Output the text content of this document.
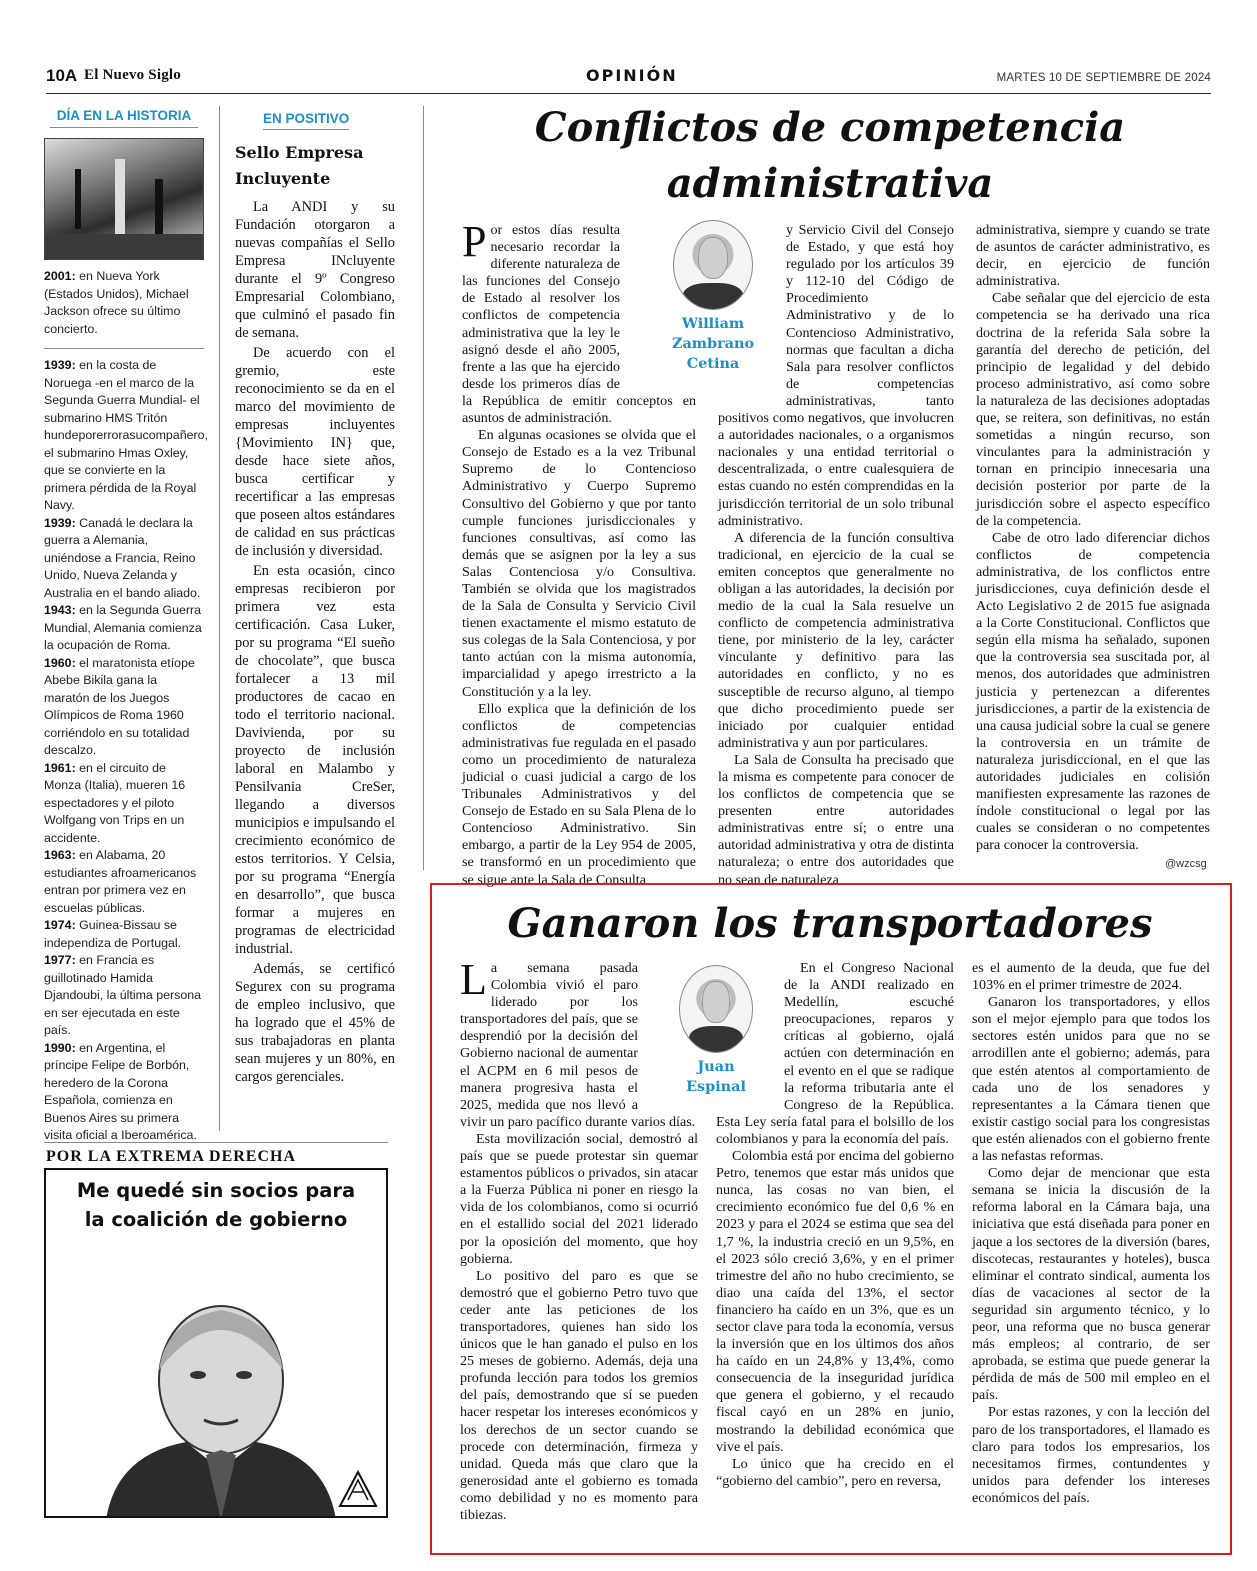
10A El Nuevo Siglo	OPINIÓN	MARTES 10 DE SEPTIEMBRE DE 2024
DÍA EN LA HISTORIA
2001: en Nueva York (Estados Unidos), Michael Jackson ofrece su último concierto.
1939: en la costa de Noruega -en el marco de la Segunda Guerra Mundial- el submarino HMS Tritón hundeporerrorasucompañero, el submarino Hmas Oxley, que se convierte en la primera pérdida de la Royal Navy.
1939: Canadá le declara la guerra a Alemania, uniéndose a Francia, Reino Unido, Nueva Zelanda y Australia en el bando aliado.
1943: en la Segunda Guerra Mundial, Alemania comienza la ocupación de Roma.
1960: el maratonista etíope Abebe Bikila gana la maratón de los Juegos Olímpicos de Roma 1960 corriéndolo en su totalidad descalzo.
1961: en el circuito de Monza (Italia), mueren 16 espectadores y el piloto Wolfgang von Trips en un accidente.
1963: en Alabama, 20 estudiantes afroamericanos entran por primera vez en escuelas públicas.
1974: Guinea-Bissau se independiza de Portugal.
1977: en Francia es guillotinado Hamida Djandoubi, la última persona en ser ejecutada en este país.
1990: en Argentina, el príncipe Felipe de Borbón, heredero de la Corona Española, comienza en Buenos Aires su primera visita oficial a Iberoamérica.
EN POSITIVO
Sello Empresa Incluyente

La ANDI y su Fundación otorgaron a nuevas compañías el Sello Empresa INcluyente durante el 9º Congreso Empresarial Colombiano, que culminó el pasado fin de semana.

De acuerdo con el gremio, este reconocimiento se da en el marco del movimiento de empresas incluyentes {Movimiento IN} que, desde hace siete años, busca certificar y recertificar a las empresas que poseen altos estándares de calidad en sus prácticas de inclusión y diversidad.

En esta ocasión, cinco empresas recibieron por primera vez esta certificación. Casa Luker, por su programa “El sueño de chocolate”, que busca fortalecer a 13 mil productores de cacao en todo el territorio nacional. Davivienda, por su proyecto de inclusión laboral en Malambo y Pensilvania CreSer, llegando a diversos municipios e impulsando el crecimiento económico de estos territorios. Y Celsia, por su programa “Energía en desarrollo”, que busca formar a mujeres en programas de electricidad industrial.

Además, se certificó Segurex con su programa de empleo inclusivo, que ha logrado que el 45% de sus trabajadoras en planta sean mujeres y un 80%, en cargos gerenciales.

POR LA EXTREMA DERECHA
Me quedé sin socios para
la coalición de gobierno
Conflictos de competencia
administrativa
William
Zambrano
Cetina

Por estos días resulta necesario recordar la diferente naturaleza de las funciones del Consejo de Estado al resolver los conflictos de competencia administrativa que la ley le asignó desde el año 2005, frente a las que ha ejercido desde los primeros días de la República de emitir conceptos en asuntos de administración.

En algunas ocasiones se olvida que el Consejo de Estado es a la vez Tribunal Supremo de lo Contencioso Administrativo y Cuerpo Supremo Consultivo del Gobierno y que por tanto cumple funciones jurisdiccionales y funciones consultivas, así como las demás que se asignen por la ley a sus Salas Contenciosa y/o Consultiva. También se olvida que los magistrados de la Sala de Consulta y Servicio Civil tienen exactamente el mismo estatuto de sus colegas de la Sala Contenciosa, y por tanto actúan con la misma autonomía, imparcialidad y apego irrestricto a la Constitución y a la ley.

Ello explica que la definición de los conflictos de competencias administrativas fue regulada en el pasado como un procedimiento de naturaleza judicial o cuasi judicial a cargo de los Tribunales Administrativos y del Consejo de Estado en su Sala Plena de lo Contencioso Administrativo. Sin embargo, a partir de la Ley 954 de 2005, se transformó en un procedimiento que se sigue ante la Sala de Consulta

y Servicio Civil del Consejo de Estado, y que está hoy regulado por los artículos 39 y 112-10 del Código de Procedimiento Administrativo y de lo Contencioso Administrativo, normas que facultan a dicha Sala para resolver conflictos de competencias administrativas, tanto positivos como negativos, que involucren a autoridades nacionales, o a organismos nacionales y una entidad territorial o descentralizada, o entre cualesquiera de estas cuando no estén comprendidas en la jurisdicción territorial de un solo tribunal administrativo.

A diferencia de la función consultiva tradicional, en ejercicio de la cual se emiten conceptos que generalmente no obligan a las autoridades, la decisión por medio de la cual la Sala resuelve un conflicto de competencia administrativa tiene, por ministerio de la ley, carácter vinculante y definitivo para las autoridades en conflicto, y no es susceptible de recurso alguno, al tiempo que dicho procedimiento puede ser iniciado por cualquier entidad administrativa y aun por particulares.

La Sala de Consulta ha precisado que la misma es competente para conocer de los conflictos de competencia que se presenten entre autoridades administrativas entre sí; o entre una autoridad administrativa y otra de distinta naturaleza; o entre dos autoridades que no sean de naturaleza

administrativa, siempre y cuando se trate de asuntos de carácter administrativo, es decir, en ejercicio de función administrativa.

Cabe señalar que del ejercicio de esta competencia se ha derivado una rica doctrina de la referida Sala sobre la garantía del derecho de petición, del principio de legalidad y del debido proceso administrativo, así como sobre la naturaleza de las decisiones adoptadas que, se reitera, son definitivas, no están sometidas a ningún recurso, son vinculantes para la administración y tornan en principio innecesaria una decisión posterior por parte de la jurisdicción sobre el aspecto específico de la competencia.

Cabe de otro lado diferenciar dichos conflictos de competencia administrativa, de los conflictos entre jurisdicciones, cuya definición desde el Acto Legislativo 2 de 2015 fue asignada a la Corte Constitucional. Conflictos que según ella misma ha señalado, suponen que la controversia sea suscitada por, al menos, dos autoridades que administren justicia y pertenezcan a diferentes jurisdicciones, a partir de la existencia de una causa judicial sobre la cual se genere la controversia en un trámite de naturaleza jurisdiccional, en el que las autoridades judiciales en colisión manifiesten expresamente las razones de índole constitucional o legal por las cuales se consideran o no competentes para conocer la controversia.

@wzcsg
Ganaron los transportadores
Juan
Espinal

La semana pasada Colombia vivió el paro liderado por los transportadores del país, que se desprendió por la decisión del Gobierno nacional de aumentar el ACPM en 6 mil pesos de manera progresiva hasta el 2025, medida que nos llevó a vivir un paro pacífico durante varios días.

Esta movilización social, demostró al país que se puede protestar sin quemar estamentos públicos o privados, sin atacar a la Fuerza Pública ni poner en riesgo la vida de los colombianos, como si ocurrió en el estallido social del 2021 liderado por la oposición del momento, que hoy gobierna.

Lo positivo del paro es que se demostró que el gobierno Petro tuvo que ceder ante las peticiones de los transportadores, quienes han sido los únicos que le han ganado el pulso en los 25 meses de gobierno. Además, deja una profunda lección para todos los gremios del país, demostrando que sí se pueden hacer respetar los intereses económicos y los derechos de un sector cuando se procede con determinación, firmeza y unidad. Queda más que claro que la generosidad ante el gobierno es tomada como debilidad y no es momento para tibiezas.

En el Congreso Nacional de la ANDI realizado en Medellín, escuché preocupaciones, reparos y críticas al gobierno, ojalá actúen con determinación en el evento en el que se radique la reforma tributaria ante el Congreso de la República. Esta Ley sería fatal para el bolsillo de los colombianos y para la economía del país.

Colombia está por encima del gobierno Petro, tenemos que estar más unidos que nunca, las cosas no van bien, el crecimiento económico fue del 0,6 % en 2023 y para el 2024 se estima que sea del 1,7 %, la industria creció en un 9,5%, en el 2023 sólo creció 3,6%, y en el primer trimestre del año no hubo crecimiento, se diao una caída del 13%, el sector financiero ha caído en un 3%, que es un sector clave para toda la economía, versus la inversión que en los últimos dos años ha caído en un 24,8% y 13,4%, como consecuencia de la inseguridad jurídica que genera el gobierno, y el recaudo fiscal cayó en un 28% en junio, mostrando la debilidad económica que vive el país.

Lo único que ha crecido en el “gobierno del cambio”, pero en reversa,

es el aumento de la deuda, que fue del 103% en el primer trimestre de 2024.

Ganaron los transportadores, y ellos son el mejor ejemplo para que todos los sectores estén unidos para que no se arrodillen ante el gobierno; además, para que estén atentos al comportamiento de cada uno de los senadores y representantes a la Cámara tienen que existir castigo social para los congresistas que estén alienados con el gobierno frente a las nefastas reformas.

Como dejar de mencionar que esta semana se inicia la discusión de la reforma laboral en la Cámara baja, una iniciativa que está diseñada para poner en jaque a los sectores de la diversión (bares, discotecas, restaurantes y hoteles), busca eliminar el contrato sindical, aumenta los días de vacaciones al sector de la seguridad sin argumento técnico, y lo peor, una reforma que no busca generar más empleos; al contrario, de ser aprobada, se estima que puede generar la pérdida de más de 500 mil empleo en el país.

Por estas razones, y con la lección del paro de los transportadores, el llamado es claro para todos los empresarios, los necesitamos firmes, contundentes y unidos para defender los intereses económicos del país.
